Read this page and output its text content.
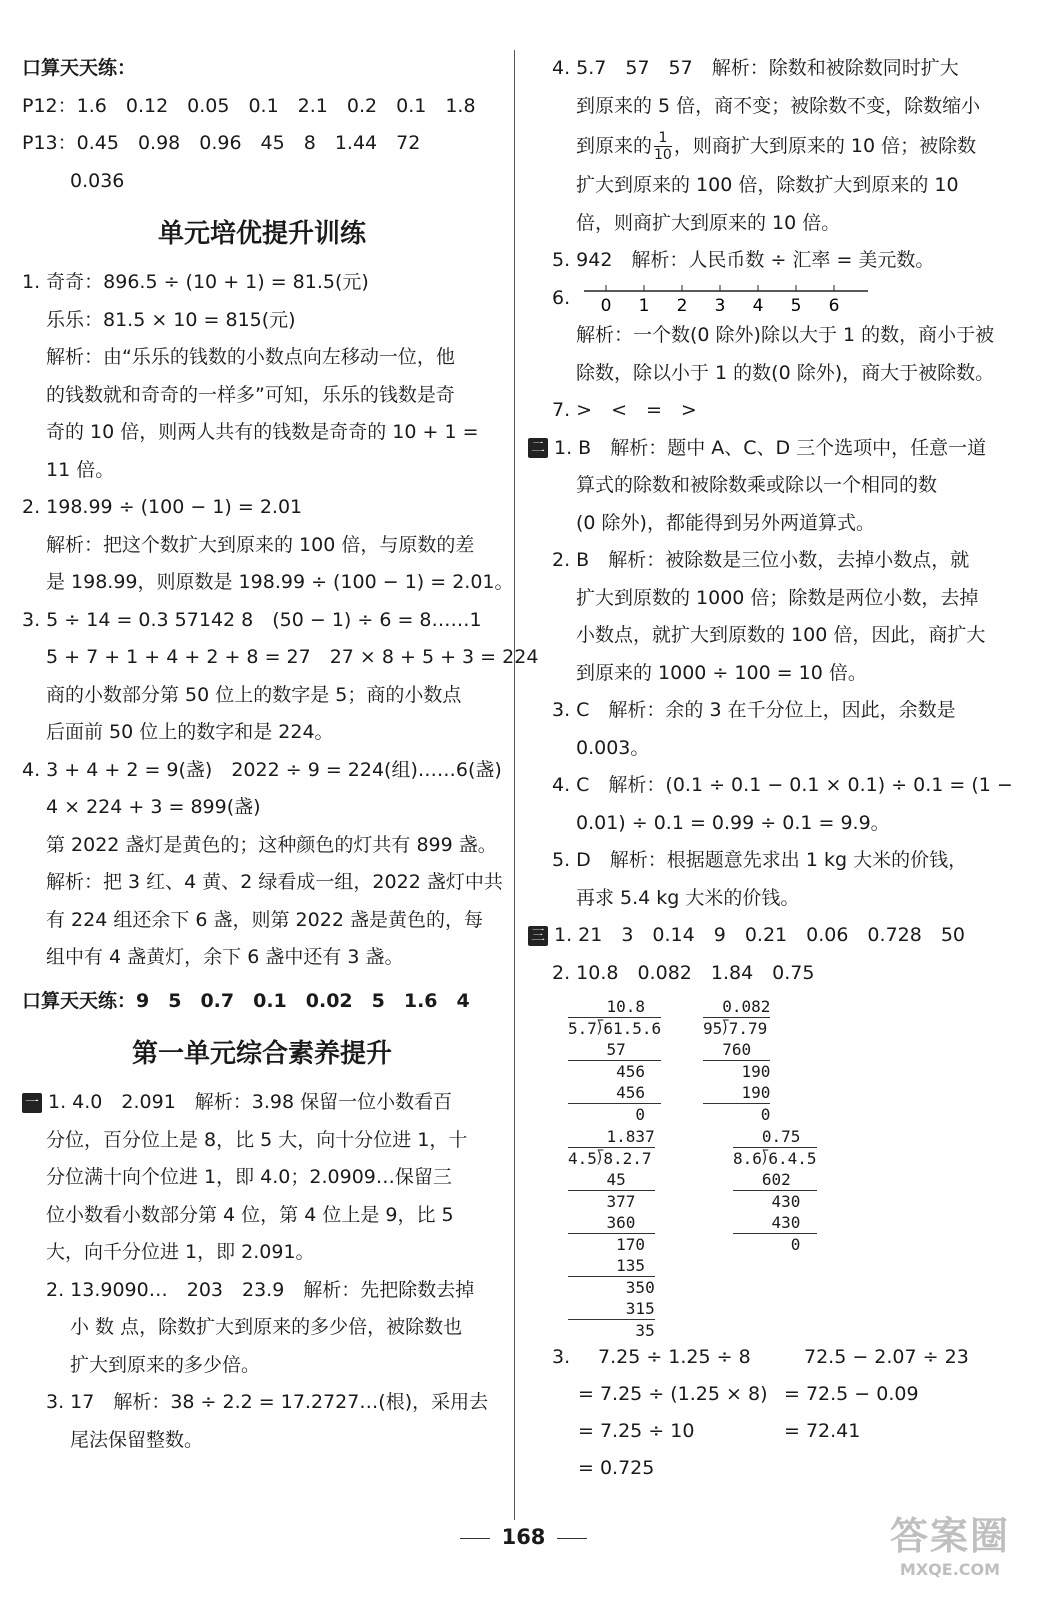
口算天天练：
P12：1.6　0.12　0.05　0.1　2.1　0.2　0.1　1.8
P13：0.45　0.98　0.96　45　8　1.44　72
0.036
单元培优提升训练
1. 奇奇：896.5 ÷ (10 + 1) = 81.5(元)
乐乐：81.5 × 10 = 815(元)
解析：由“乐乐的钱数的小数点向左移动一位，他
的钱数就和奇奇的一样多”可知，乐乐的钱数是奇
奇的 10 倍，则两人共有的钱数是奇奇的 10 + 1 =
11 倍。
2. 198.99 ÷ (100 − 1) = 2.01
解析：把这个数扩大到原来的 100 倍，与原数的差
是 198.99，则原数是 198.99 ÷ (100 − 1) = 2.01。
3. 5 ÷ 14 = 0.3 57142 8　(50 − 1) ÷ 6 = 8……1
5 + 7 + 1 + 4 + 2 + 8 = 27　27 × 8 + 5 + 3 = 224
商的小数部分第 50 位上的数字是 5；商的小数点
后面前 50 位上的数字和是 224。
4. 3 + 4 + 2 = 9(盏)　2022 ÷ 9 = 224(组)……6(盏)
4 × 224 + 3 = 899(盏)
第 2022 盏灯是黄色的；这种颜色的灯共有 899 盏。
解析：把 3 红、4 黄、2 绿看成一组，2022 盏灯中共
有 224 组还余下 6 盏，则第 2022 盏是黄色的，每
组中有 4 盏黄灯，余下 6 盏中还有 3 盏。
口算天天练：9　5　0.7　0.1　0.02　5　1.6　4
第一单元综合素养提升
一 1. 4.0　2.091　解析：3.98 保留一位小数看百
分位，百分位上是 8，比 5 大，向十分位进 1，十
分位满十向个位进 1，即 4.0；2.0909…保留三
位小数看小数部分第 4 位，第 4 位上是 9，比 5
大，向千分位进 1，即 2.091。
2. 13.9090…　203　23.9　解析：先把除数去掉
小 数 点，除数扩大到原来的多少倍，被除数也
扩大到原来的多少倍。
3. 17　解析：38 ÷ 2.2 = 17.2727…(根)，采用去
尾法保留整数。
4. 5.7　57　57　解析：除数和被除数同时扩大
到原来的 5 倍，商不变；被除数不变，除数缩小
到原来的 $\frac{1}{10}$ ，则商扩大到原来的 10 倍；被除数
扩大到原来的 100 倍，除数扩大到原来的 10
倍，则商扩大到原来的 10 倍。
5. 942　解析：人民币数 ÷ 汇率 = 美元数。
6. 0 1 2 3 4 5 6
解析：一个数(0 除外)除以大于 1 的数，商小于被
除数，除以小于 1 的数(0 除外)，商大于被除数。
7. >　<　=　>
二 1. B　解析：题中 A、C、D 三个选项中，任意一道
算式的除数和被除数乘或除以一个相同的数
(0 除外)，都能得到另外两道算式。
2. B　解析：被除数是三位小数，去掉小数点，就
扩大到原数的 1000 倍；除数是两位小数，去掉
小数点，就扩大到原数的 100 倍，因此，商扩大
到原来的 1000 ÷ 100 = 10 倍。
3. C　解析：余的 3 在千分位上，因此，余数是
0.003。
4. C　解析：(0.1 ÷ 0.1 − 0.1 × 0.1) ÷ 0.1 = (1 −
0.01) ÷ 0.1 = 0.99 ÷ 0.1 = 9.9。
5. D　解析：根据题意先求出 1 kg 大米的价钱，
再求 5.4 kg 大米的价钱。
三 1. 21　3　0.14　9　0.21　0.06　0.728　50
2. 10.8　0.082　1.84　0.75
10.8
5.7⟌61.5.6
57
456
456
0
0.082
95⟌7.79
760
190
190
0
1.837
4.5⟌8.2.7
45
377
360
170
135
350
315
35
0.75
8.6⟌6.4.5
602
430
430
0
3. 7.25 ÷ 1.25 ÷ 8
= 7.25 ÷ (1.25 × 8)
= 7.25 ÷ 10
= 0.725
72.5 − 2.07 ÷ 23
= 72.5 − 0.09
= 72.41
168	答案圈
MXQE.COM
